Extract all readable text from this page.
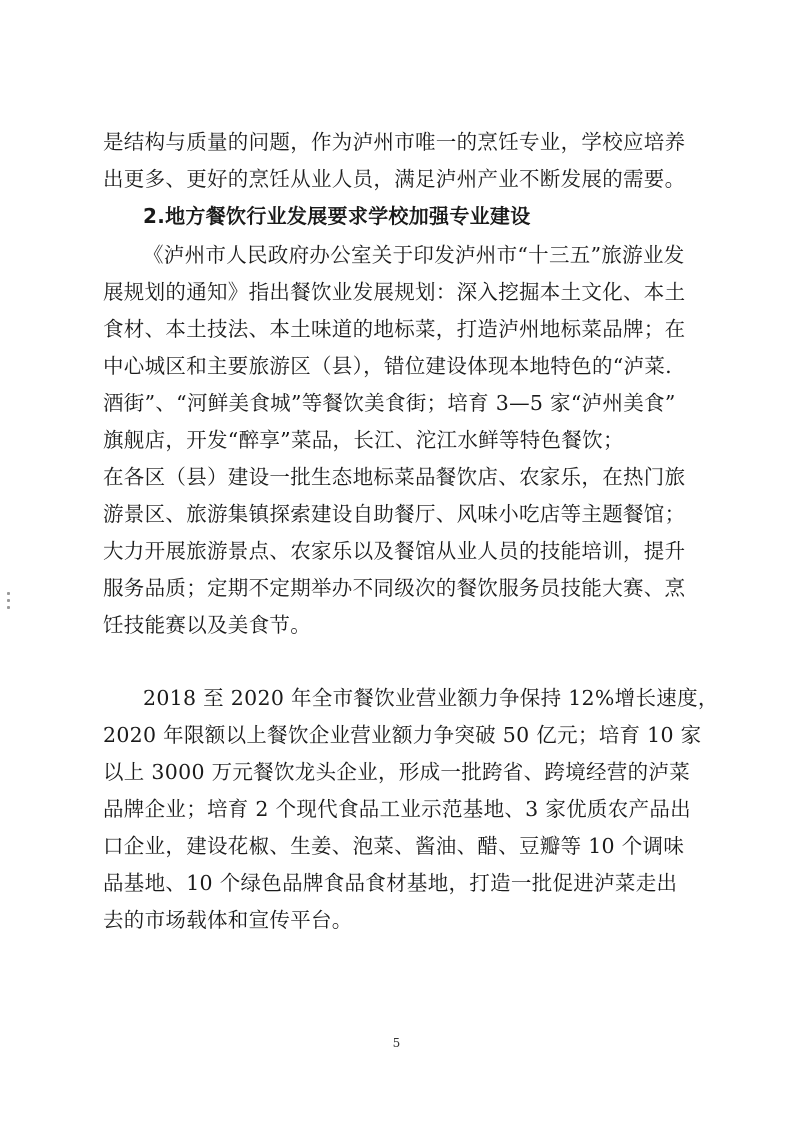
是结构与质量的问题，作为泸州市唯一的烹饪专业，学校应培养
出更多、更好的烹饪从业人员，满足泸州产业不断发展的需要。
2.地方餐饮行业发展要求学校加强专业建设
《泸州市人民政府办公室关于印发泸州市“十三五”旅游业发
展规划的通知》指出餐饮业发展规划：深入挖掘本土文化、本土
食材、本土技法、本土味道的地标菜，打造泸州地标菜品牌；在
中心城区和主要旅游区（县），错位建设体现本地特色的“泸菜.
酒街”、“河鲜美食城”等餐饮美食街；培育 3—5 家“泸州美食”
旗舰店，开发“醉享”菜品，长江、沱江水鲜等特色餐饮；
在各区（县）建设一批生态地标菜品餐饮店、农家乐，在热门旅
游景区、旅游集镇探索建设自助餐厅、风味小吃店等主题餐馆；
大力开展旅游景点、农家乐以及餐馆从业人员的技能培训，提升
服务品质；定期不定期举办不同级次的餐饮服务员技能大赛、烹
饪技能赛以及美食节。
2018 至 2020 年全市餐饮业营业额力争保持 12%增长速度，
2020 年限额以上餐饮企业营业额力争突破 50 亿元；培育 10 家
以上 3000 万元餐饮龙头企业，形成一批跨省、跨境经营的泸菜
品牌企业；培育 2 个现代食品工业示范基地、3 家优质农产品出
口企业，建设花椒、生姜、泡菜、酱油、醋、豆瓣等 10 个调味
品基地、10 个绿色品牌食品食材基地，打造一批促进泸菜走出
去的市场载体和宣传平台。
5
